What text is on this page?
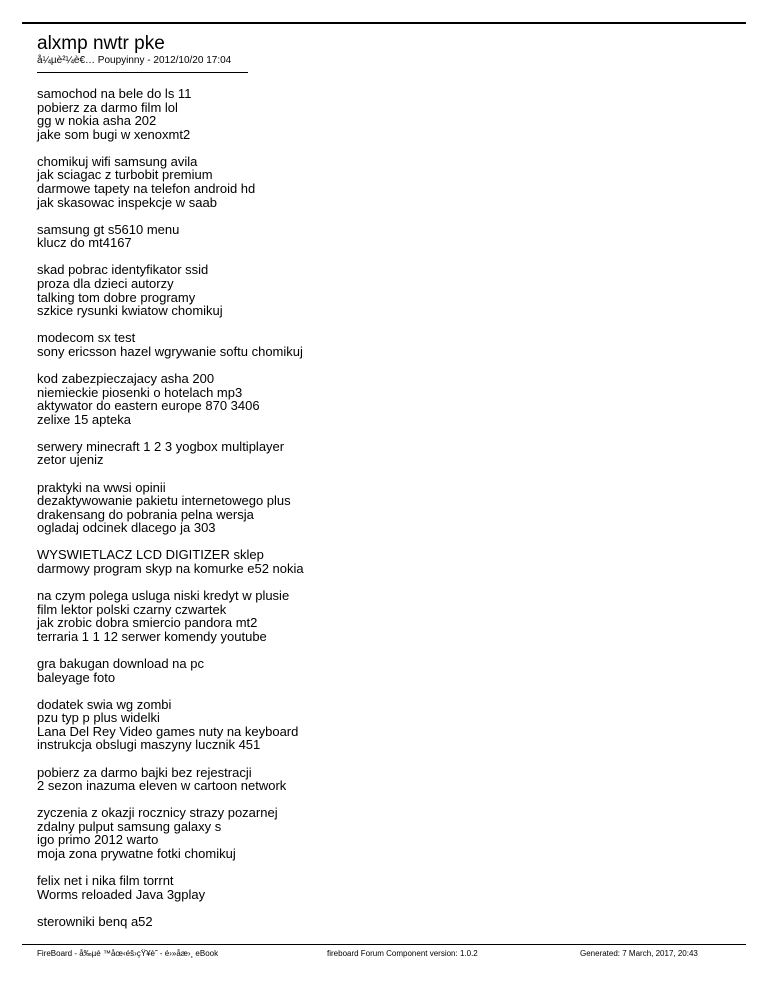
alxmp nwtr pke
å¼µè²¼è€… Poupyinny - 2012/10/20 17:04
samochod na bele do ls 11
pobierz za darmo film lol
gg w nokia asha 202
jake som bugi w xenoxmt2
chomikuj wifi samsung avila
jak sciagac z turbobit premium
darmowe tapety na telefon android hd
jak skasowac inspekcje w saab
samsung gt s5610 menu
klucz do mt4167
skad pobrac identyfikator ssid
proza dla dzieci autorzy
talking tom dobre programy
szkice rysunki kwiatow chomikuj
modecom sx test
sony ericsson hazel wgrywanie softu chomikuj
kod zabezpieczajacy asha 200
niemieckie piosenki o hotelach mp3
aktywator do eastern europe 870 3406
zelixe 15 apteka
serwery minecraft 1 2 3 yogbox multiplayer
zetor ujeniz
praktyki na wwsi opinii
dezaktywowanie pakietu internetowego plus
drakensang do pobrania pelna wersja
ogladaj odcinek dlacego ja 303
WYSWIETLACZ LCD DIGITIZER sklep
darmowy program skyp na komurke e52 nokia
na czym polega usluga niski kredyt w plusie
film lektor polski czarny czwartek
jak zrobic dobra smiercio pandora mt2
terraria 1 1 12 serwer komendy youtube
gra bakugan download na pc
baleyage foto
dodatek swia wg zombi
pzu typ p plus widelki
Lana Del Rey Video games nuty na keyboard
instrukcja obslugi maszyny lucznik 451
pobierz za darmo bajki bez rejestracji
2 sezon inazuma eleven w cartoon network
zyczenia z okazji rocznicy strazy pozarnej
zdalny pulput samsung galaxy s
igo primo 2012 warto
moja zona prywatne fotki chomikuj
felix net i nika film torrnt
Worms reloaded Java 3gplay
sterowniki benq a52
FireBoard - å‰µé ™åœ‹éš›çŸ¥è˜ - é›»åæ›¸ eBook	fireboard Forum Component version: 1.0.2	Generated: 7 March, 2017, 20:43
